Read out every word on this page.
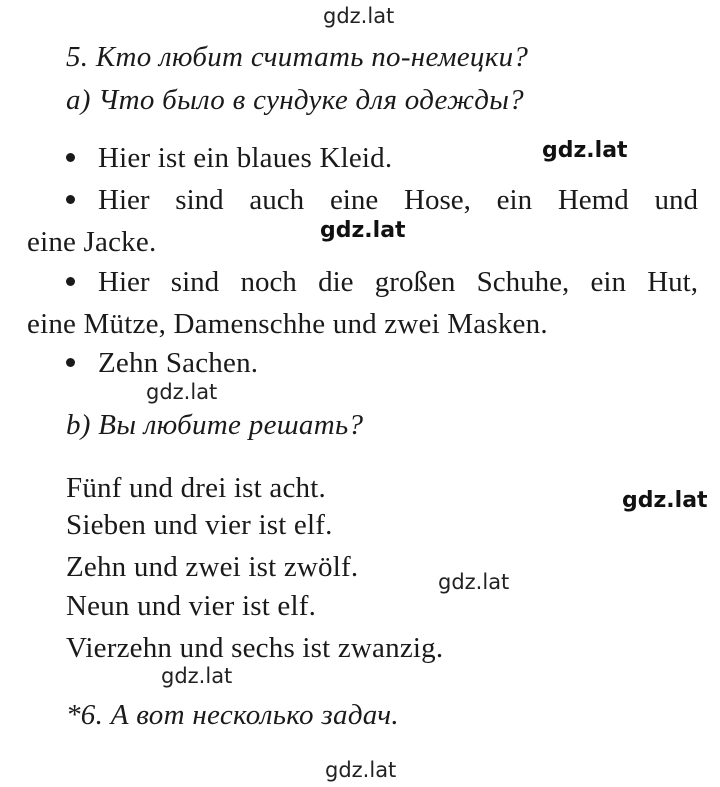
gdz.lat
5. Кто любит считать по-немецки?
a) Что было в сундуке для одежды?
Hier ist ein blaues Kleid.
Hier sind auch eine Hose, ein Hemd und
eine Jacke.
Hier sind noch die großen Schuhe, ein Hut,
eine Mütze, Damenschhe und zwei Masken.
Zehn Sachen.
gdz.lat
gdz.lat
gdz.lat
b) Вы любите решать?
Fünf und drei ist acht.
Sieben und vier ist elf.
Zehn und zwei ist zwölf.
Neun und vier ist elf.
Vierzehn und sechs ist zwanzig.
gdz.lat
gdz.lat
gdz.lat
*6. А вот несколько задач.
gdz.lat
